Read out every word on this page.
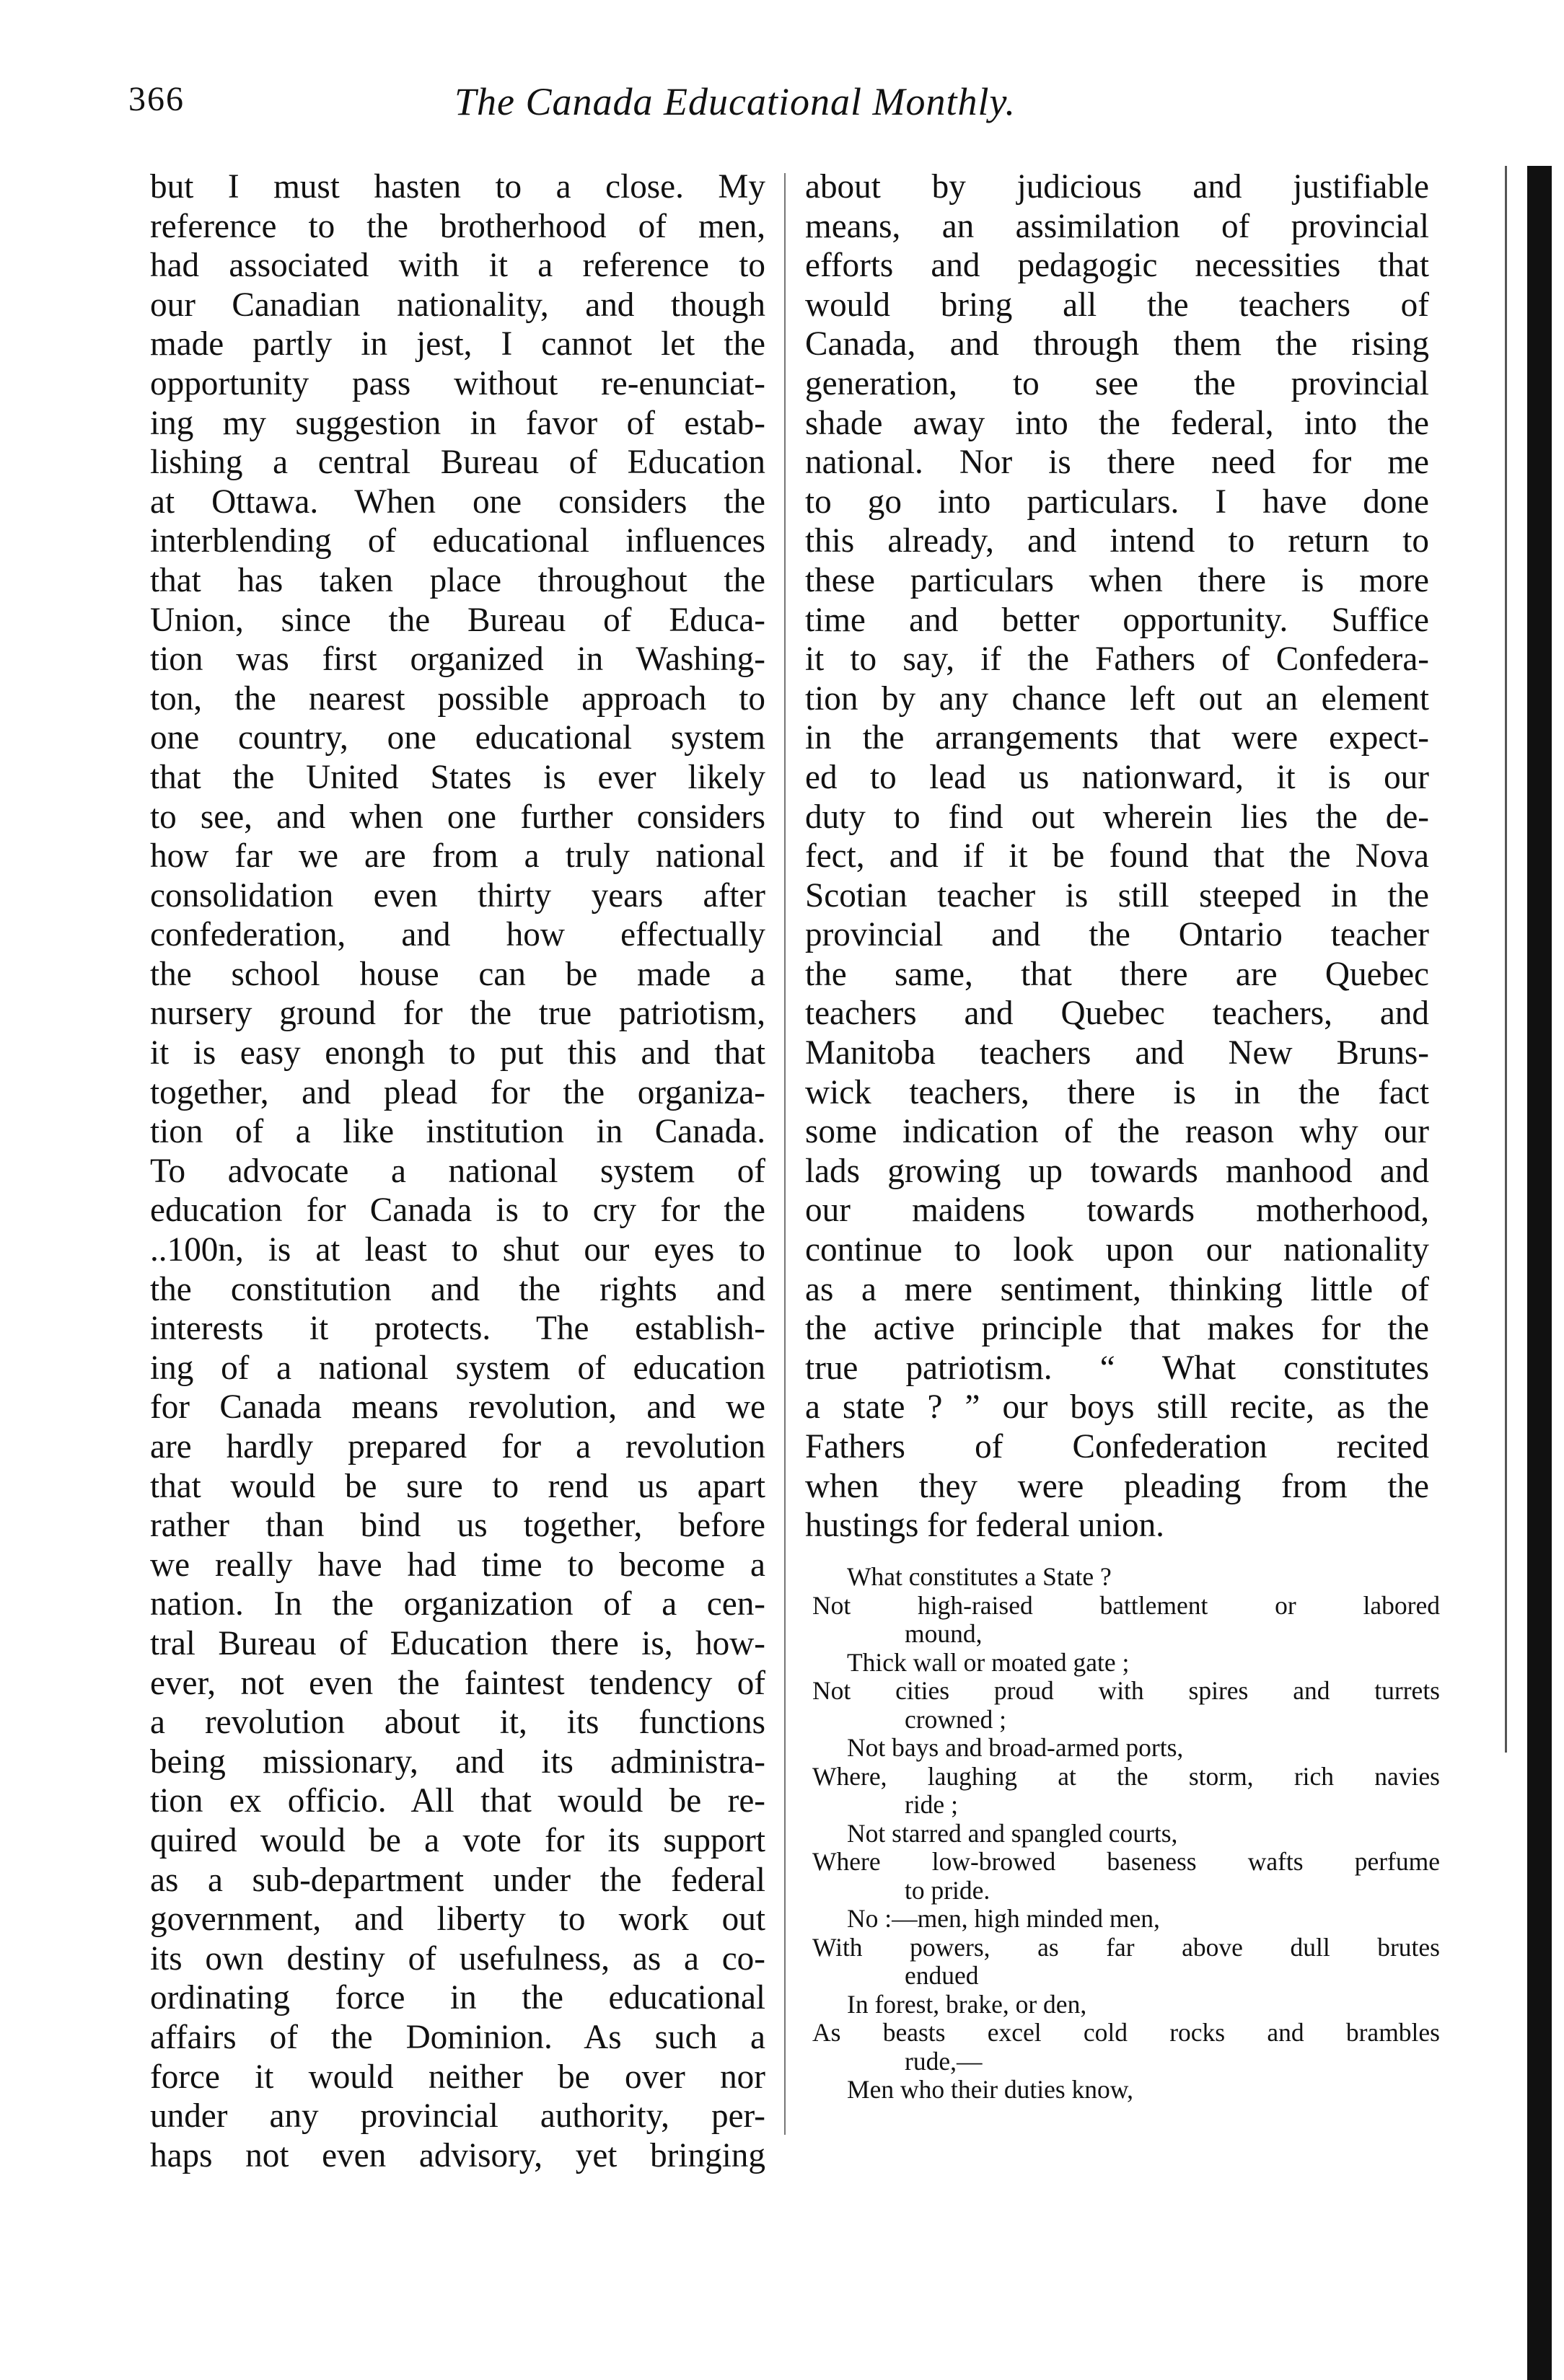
366	The Canada Educational Monthly.

but I must hasten to a close. My

reference to the brotherhood of men,

had associated with it a reference to

our Canadian nationality, and though

made partly in jest, I cannot let the

opportunity pass without re-enunciat-

ing my suggestion in favor of estab-

lishing a central Bureau of Education

at Ottawa. When one considers the

interblending of educational influences

that has taken place throughout the

Union, since the Bureau of Educa-

tion was first organized in Washing-

ton, the nearest possible approach to

one country, one educational system

that the United States is ever likely

to see, and when one further considers

how far we are from a truly national

consolidation even thirty years after

confederation, and how effectually

the school house can be made a

nursery ground for the true patriotism,

it is easy enongh to put this and that

together, and plead for the organiza-

tion of a like institution in Canada.

To advocate a national system of

education for Canada is to cry for the

..100n, is at least to shut our eyes to

the constitution and the rights and

interests it protects. The establish-

ing of a national system of education

for Canada means revolution, and we

are hardly prepared for a revolution

that would be sure to rend us apart

rather than bind us together, before

we really have had time to become a

nation. In the organization of a cen-

tral Bureau of Education there is, how-

ever, not even the faintest tendency of

a revolution about it, its functions

being missionary, and its administra-

tion ex officio. All that would be re-

quired would be a vote for its support

as a sub-department under the federal

government, and liberty to work out

its own destiny of usefulness, as a co-

ordinating force in the educational

affairs of the Dominion. As such a

force it would neither be over nor

under any provincial authority, per-

haps not even advisory, yet bringing

about by judicious and justifiable

means, an assimilation of provincial

efforts and pedagogic necessities that

would bring all the teachers of

Canada, and through them the rising

generation, to see the provincial

shade away into the federal, into the

national. Nor is there need for me

to go into particulars. I have done

this already, and intend to return to

these particulars when there is more

time and better opportunity. Suffice

it to say, if the Fathers of Confedera-

tion by any chance left out an element

in the arrangements that were expect-

ed to lead us nationward, it is our

duty to find out wherein lies the de-

fect, and if it be found that the Nova

Scotian teacher is still steeped in the

provincial and the Ontario teacher

the same, that there are Quebec

teachers and Quebec teachers, and

Manitoba teachers and New Bruns-

wick teachers, there is in the fact

some indication of the reason why our

lads growing up towards manhood and

our maidens towards motherhood,

continue to look upon our nationality

as a mere sentiment, thinking little of

the active principle that makes for the

true patriotism. “ What constitutes

a state ? ” our boys still recite, as the

Fathers of Confederation recited

when they were pleading from the

hustings for federal union.

What constitutes a State ?

Not high-raised battlement or labored

mound,

Thick wall or moated gate ;

Not cities proud with spires and turrets

crowned ;

Not bays and broad-armed ports,

Where, laughing at the storm, rich navies

ride ;

Not starred and spangled courts,

Where low-browed baseness wafts perfume

to pride.

No :—men, high minded men,

With powers, as far above dull brutes

endued

In forest, brake, or den,

As beasts excel cold rocks and brambles

rude,—

Men who their duties know,
